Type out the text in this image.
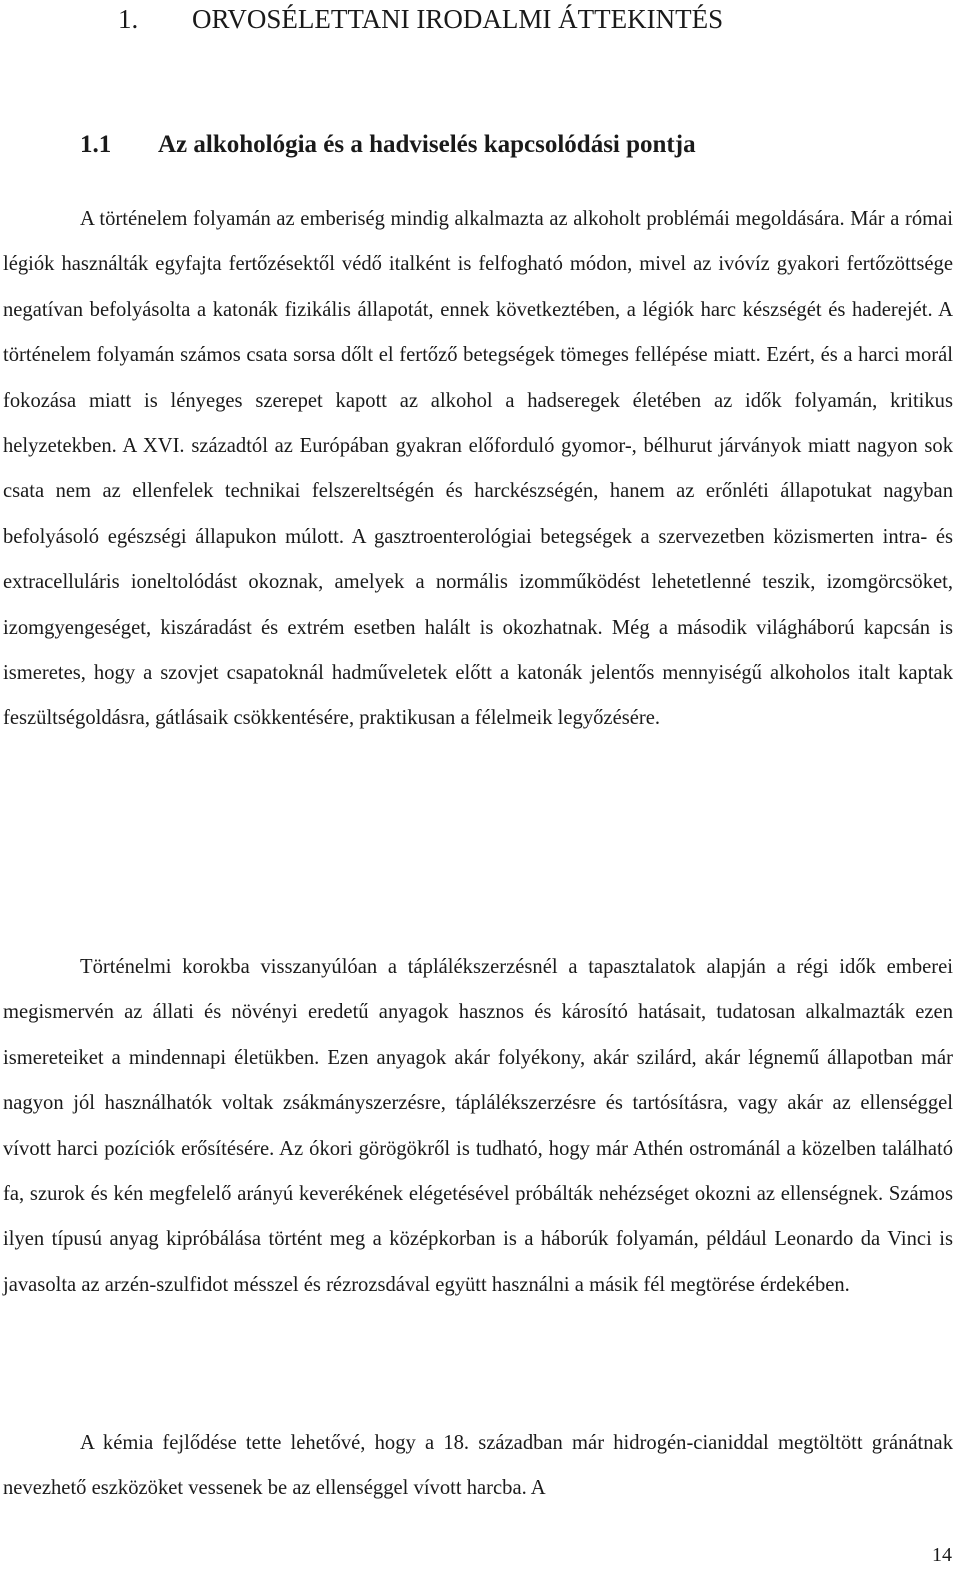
1. ORVOSÉLETTANI IRODALMI ÁTTEKINTÉS
1.1 Az alkohológia és a hadviselés kapcsolódási pontja

A történelem folyamán az emberiség mindig alkalmazta az alkoholt problémái megoldására. Már a római légiók használták egyfajta fertőzésektől védő italként is felfogható módon, mivel az ivóvíz gyakori fertőzöttsége negatívan befolyásolta a katonák fizikális állapotát, ennek következtében, a légiók harc készségét és haderejét. A történelem folyamán számos csata sorsa dőlt el fertőző betegségek tömeges fellépése miatt. Ezért, és a harci morál fokozása miatt is lényeges szerepet kapott az alkohol a hadseregek életében az idők folyamán, kritikus helyzetekben. A XVI. századtól az Európában gyakran előforduló gyomor-, bélhurut járványok miatt nagyon sok csata nem az ellenfelek technikai felszereltségén és harckészségén, hanem az erőnléti állapotukat nagyban befolyásoló egészségi állapukon múlott. A gasztroenterológiai betegségek a szervezetben közismerten intra- és extracelluláris ioneltolódást okoznak, amelyek a normális izomműködést lehetetlenné teszik, izomgörcsöket, izomgyengeséget, kiszáradást és extrém esetben halált is okozhatnak. Még a második világháború kapcsán is ismeretes, hogy a szovjet csapatoknál hadműveletek előtt a katonák jelentős mennyiségű alkoholos italt kaptak feszültségoldásra, gátlásaik csökkentésére, praktikusan a félelmeik legyőzésére.

Történelmi korokba visszanyúlóan a táplálékszerzésnél a tapasztalatok alapján a régi idők emberei megismervén az állati és növényi eredetű anyagok hasznos és károsító hatásait, tudatosan alkalmazták ezen ismereteiket a mindennapi életükben. Ezen anyagok akár folyékony, akár szilárd, akár légnemű állapotban már nagyon jól használhatók voltak zsákmányszerzésre, táplálékszerzésre és tartósításra, vagy akár az ellenséggel vívott harci pozíciók erősítésére. Az ókori görögökről is tudható, hogy már Athén ostrománál a közelben található fa, szurok és kén megfelelő arányú keverékének elégetésével próbálták nehézséget okozni az ellenségnek. Számos ilyen típusú anyag kipróbálása történt meg a középkorban is a háborúk folyamán, például Leonardo da Vinci is javasolta az arzén-szulfidot mésszel és rézrozsdával együtt használni a másik fél megtörése érdekében.

A kémia fejlődése tette lehetővé, hogy a 18. században már hidrogén-cianiddal megtöltött gránátnak nevezhető eszközöket vessenek be az ellenséggel vívott harcba. A

14
